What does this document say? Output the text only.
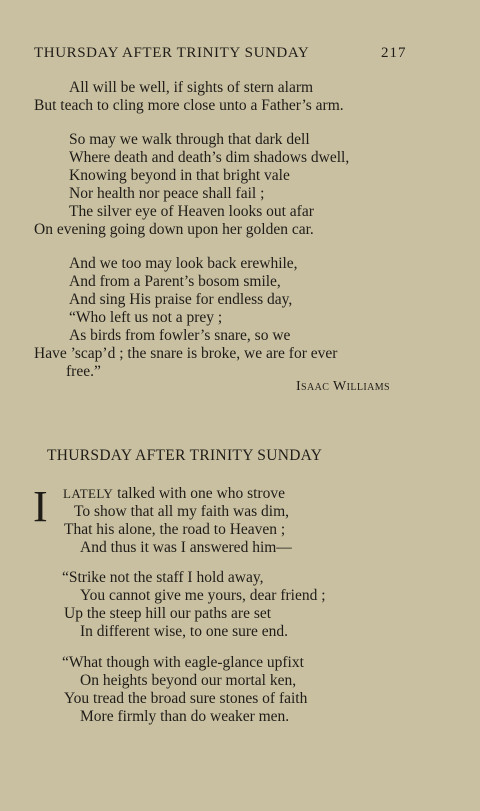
THURSDAY AFTER TRINITY SUNDAY	217
All will be well, if sights of stern alarm
But teach to cling more close unto a Father’s arm.
So may we walk through that dark dell
Where death and death’s dim shadows dwell,
Knowing beyond in that bright vale
Nor health nor peace shall fail ;
The silver eye of Heaven looks out afar
On evening going down upon her golden car.
And we too may look back erewhile,
And from a Parent’s bosom smile,
And sing His praise for endless day,
“Who left us not a prey ;
As birds from fowler’s snare, so we
Have ’scap’d ; the snare is broke, we are for ever
free.”
Isaac Williams
THURSDAY AFTER TRINITY SUNDAY
I LATELY talked with one who strove
To show that all my faith was dim,
That his alone, the road to Heaven ;
And thus it was I answered him—
“Strike not the staff I hold away,
You cannot give me yours, dear friend ;
Up the steep hill our paths are set
In different wise, to one sure end.
“What though with eagle-glance upfixt
On heights beyond our mortal ken,
You tread the broad sure stones of faith
More firmly than do weaker men.
